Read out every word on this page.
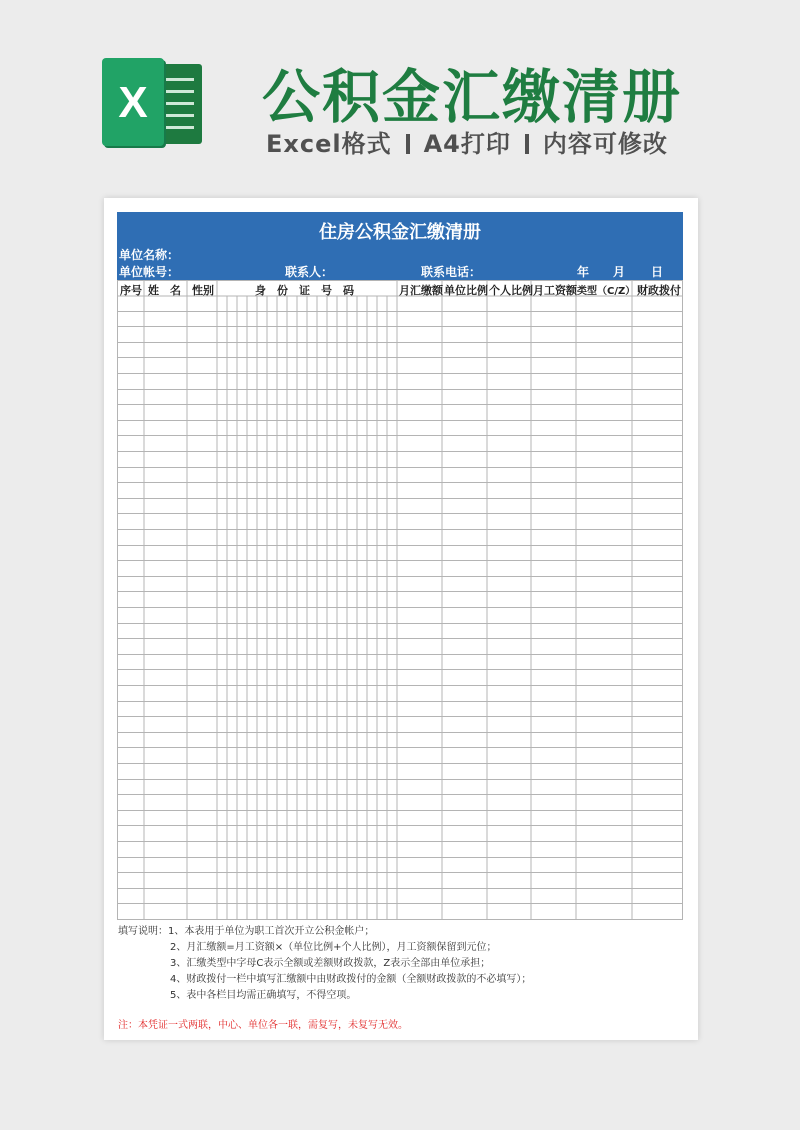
X 公积金汇缴清册
Excel格式 A4打印 内容可修改
住房公积金汇缴清册
单位名称：
单位帐号：	联系人：	联系电话：	年 月 日
序号 姓　名 性别	身　份　证　号　码	月汇缴额 单位比例 个人比例 月工资额 类型（C/Z） 财政拨付
填写说明：1、本表用于单位为职工首次开立公积金帐户；
2、月汇缴额=月工资额×（单位比例+个人比例），月工资额保留到元位；
3、汇缴类型中字母C表示全额或差额财政拨款，Z表示全部由单位承担；
4、财政拨付一栏中填写汇缴额中由财政拨付的金额（全额财政拨款的不必填写）；
5、表中各栏目均需正确填写，不得空项。
注：本凭证一式两联，中心、单位各一联，需复写，未复写无效。
